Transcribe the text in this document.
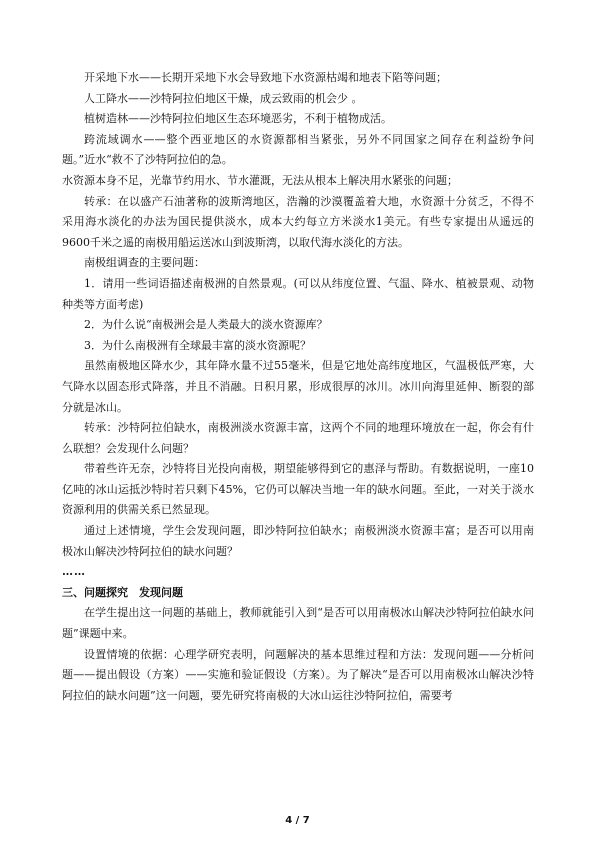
开采地下水——长期开采地下水会导致地下水资源枯竭和地表下陷等问题；

人工降水——沙特阿拉伯地区干燥，成云致雨的机会少 。

植树造林——沙特阿拉伯地区生态环境恶劣，不利于植物成活。

跨流域调水——整个西亚地区的水资源都相当紧张，另外不同国家之间存在利益纷争问题。”近水“救不了沙特阿拉伯的急。

水资源本身不足，光靠节约用水、节水灌溉，无法从根本上解决用水紧张的问题；

转承：在以盛产石油著称的波斯湾地区，浩瀚的沙漠覆盖着大地，水资源十分贫乏，不得不采用海水淡化的办法为国民提供淡水，成本大约每立方米淡水1美元。有些专家提出从遥远的9600千米之遥的南极用船运送冰山到波斯湾，以取代海水淡化的方法。

南极组调查的主要问题：

1．请用一些词语描述南极洲的自然景观。(可以从纬度位置、气温、降水、植被景观、动物种类等方面考虑)

2．为什么说“南极洲会是人类最大的淡水资源库？

3．为什么南极洲有全球最丰富的淡水资源呢？

虽然南极地区降水少，其年降水量不过55毫米，但是它地处高纬度地区，气温极低严寒，大气降水以固态形式降落，并且不消融。日积月累，形成很厚的冰川。冰川向海里延伸、断裂的部分就是冰山。

转承：沙特阿拉伯缺水，南极洲淡水资源丰富，这两个不同的地理环境放在一起，你会有什么联想？会发现什么问题？

带着些许无奈，沙特将目光投向南极，期望能够得到它的惠泽与帮助。有数据说明，一座10亿吨的冰山运抵沙特时若只剩下45%，它仍可以解决当地一年的缺水问题。至此，一对关于淡水资源利用的供需关系已然显现。

通过上述情境，学生会发现问题，即沙特阿拉伯缺水；南极洲淡水资源丰富；是否可以用南极冰山解决沙特阿拉伯的缺水问题？

……

三、问题探究　发现问题

在学生提出这一问题的基础上，教师就能引入到“是否可以用南极冰山解决沙特阿拉伯缺水问题”课题中来。

设置情境的依据：心理学研究表明，问题解决的基本思维过程和方法：发现问题——分析问题——提出假设（方案）——实施和验证假设（方案）。为了解决“是否可以用南极冰山解决沙特阿拉伯的缺水问题”这一问题，要先研究将南极的大冰山运往沙特阿拉伯，需要考

4 / 7
